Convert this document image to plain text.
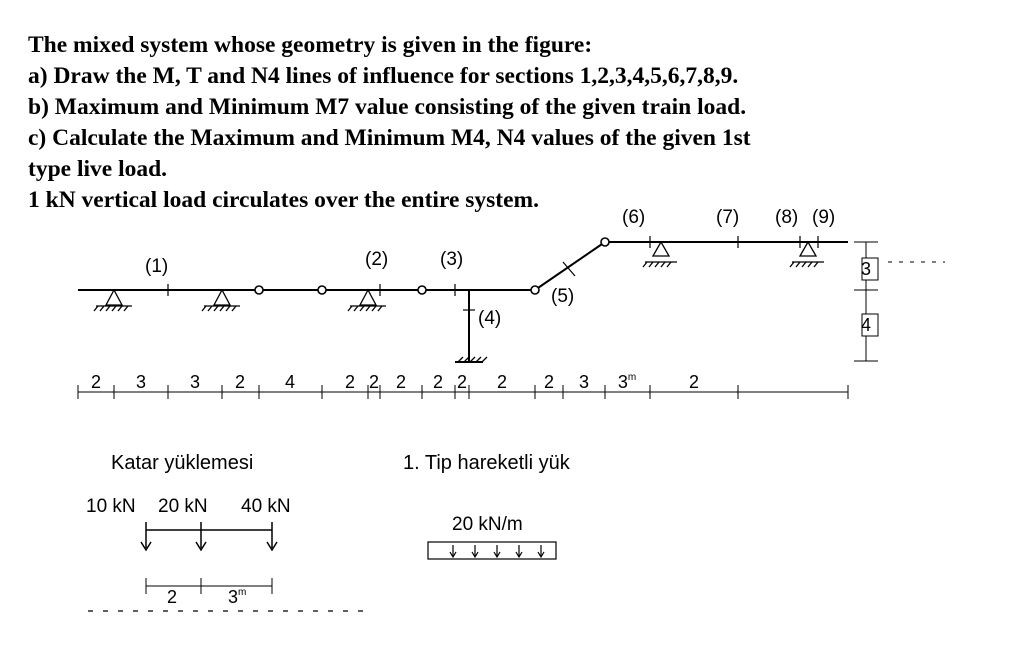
The mixed system whose geometry is given in the figure:
a) Draw the M, T and N4 lines of influence for sections 1,2,3,4,5,6,7,8,9.
b) Maximum and Minimum M7 value consisting of the given train load.
c) Calculate the Maximum and Minimum M4, N4 values of the given 1st
type live load.
1 kN vertical load circulates over the entire system.
(1)	(2)	(3)
(4)
(5)
(6)	(7) (8) (9)
2 3 3 2 4	2 2 2 2 2 2 2 3 3$^m$	2
3
4
Katar yüklemesi
10 kN 20 kN 40 kN
2	3$^m$
1. Tip hareketli yük
20 kN/m
